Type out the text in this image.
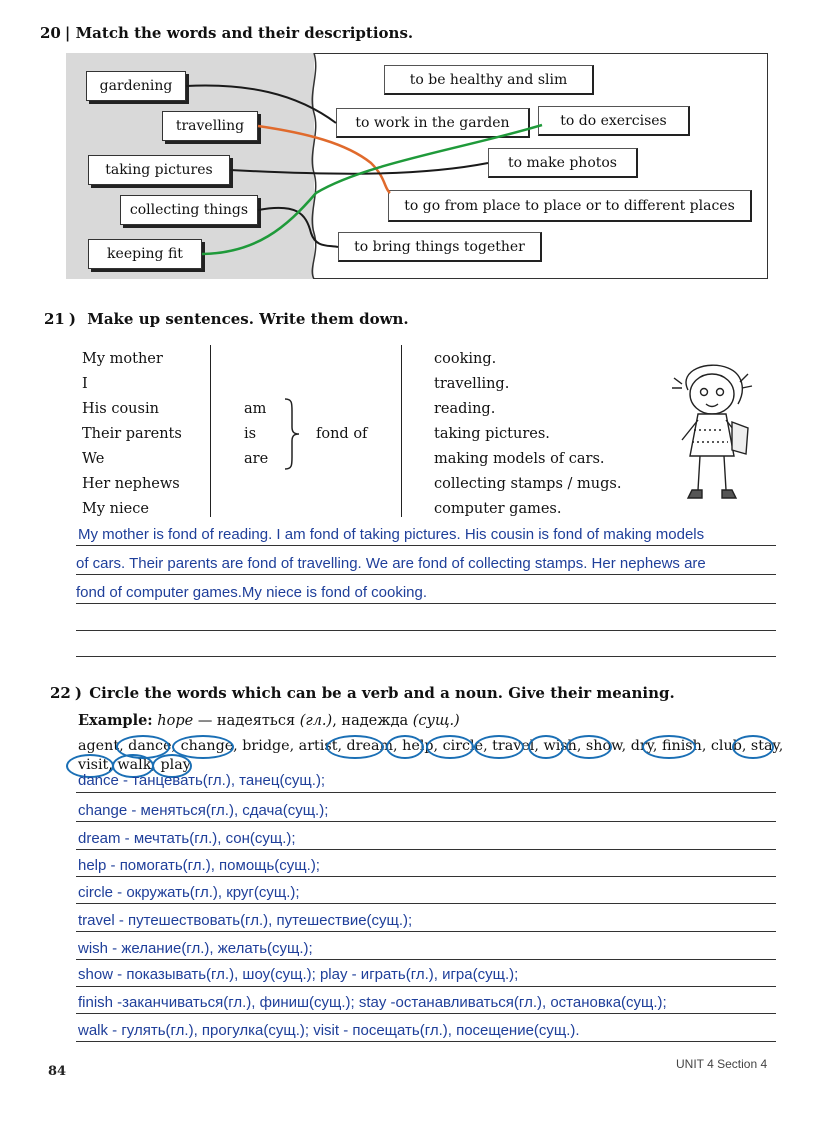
20 | Match the words and their descriptions.
gardening
travelling
taking pictures
collecting things
keeping fit
to be healthy and slim
to work in the garden	to do exercises
to make photos
to go from place to place or to different places
to bring things together
21 ) Make up sentences. Write them down.
My mother
I
His cousin
Their parents
We
Her nephews
My niece
am
is
are
fond of
cooking.
travelling.
reading.
taking pictures.
making models of cars.
collecting stamps / mugs.
computer games.
My mother is fond of reading. I am fond of taking pictures. His cousin is fond of making models
of cars. Their parents are fond of travelling. We are fond of collecting stamps. Her nephews are
fond of computer games.My niece is fond of cooking.
22 ) Circle the words which can be a verb and a noun. Give their meaning.
Example: hope — надеяться (гл.), надежда (сущ.)
agent, dance, change, bridge, artist, dream, help, circle, travel, wish, show, dry, finish, club, stay,
visit, walk, play
dance - танцевать(гл.), танец(сущ.);
change - меняться(гл.), сдача(сущ.);
dream - мечтать(гл.), сон(сущ.);
help - помогать(гл.), помощь(сущ.);
circle - окружать(гл.), круг(сущ.);
travel - путешествовать(гл.), путешествие(сущ.);
wish - желание(гл.), желать(сущ.);
show - показывать(гл.), шоу(сущ.); play - играть(гл.), игра(сущ.);
finish -заканчиваться(гл.), финиш(сущ.); stay -останавливаться(гл.), остановка(сущ.);
walk - гулять(гл.), прогулка(сущ.); visit - посещать(гл.), посещение(сущ.).
84	UNIT 4 Section 4
